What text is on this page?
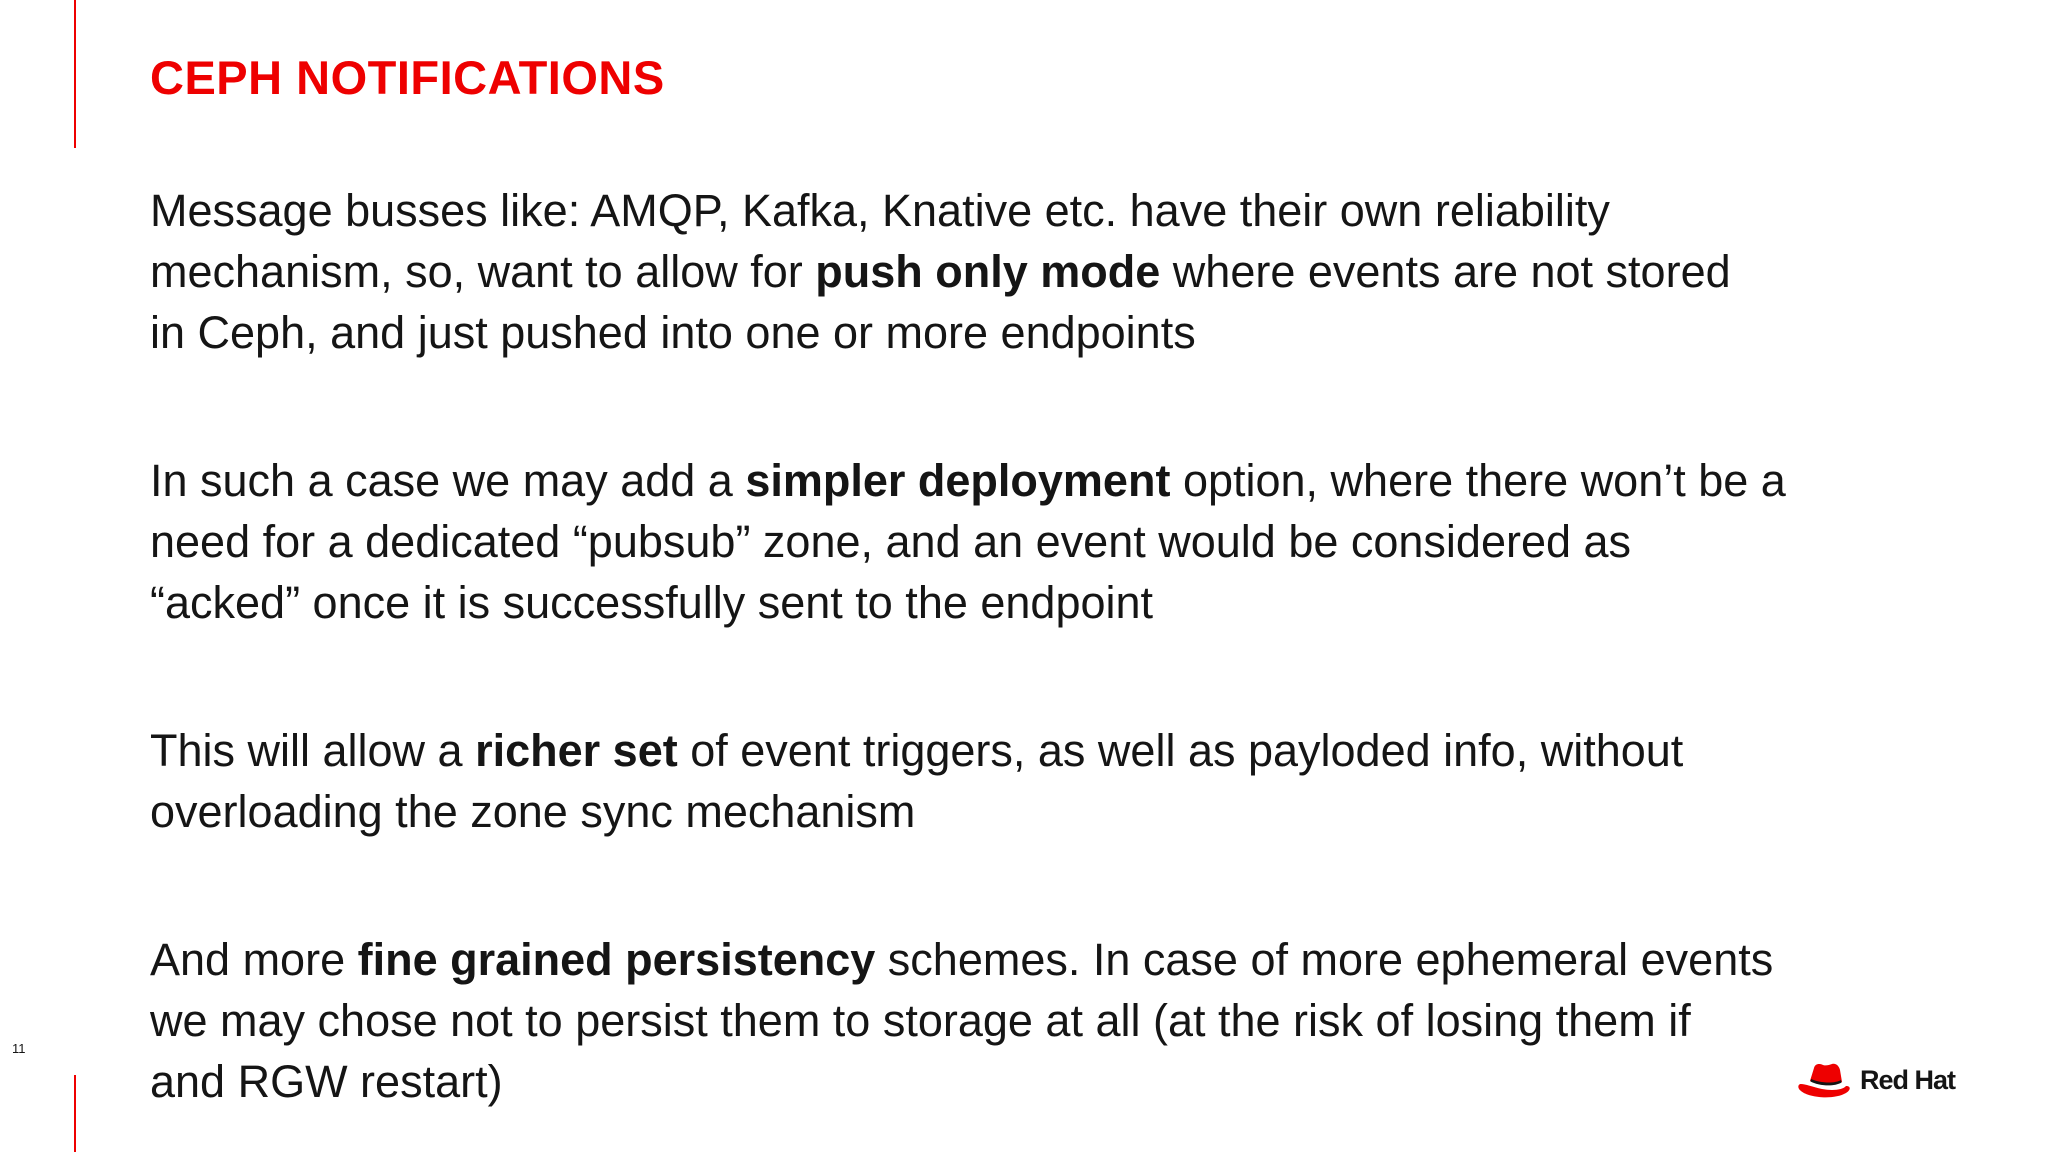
CEPH NOTIFICATIONS

Message busses like: AMQP, Kafka, Knative etc. have their own reliability
mechanism, so, want to allow for push only mode where events are not stored
in Ceph, and just pushed into one or more endpoints

In such a case we may add a simpler deployment option, where there won’t be a
need for a dedicated “pubsub” zone, and an event would be considered as
“acked” once it is successfully sent to the endpoint

This will allow a richer set of event triggers, as well as payloded info, without
overloading the zone sync mechanism

And more fine grained persistency schemes. In case of more ephemeral events
we may chose not to persist them to storage at all (at the risk of losing them if
and RGW restart)

11
Red Hat
